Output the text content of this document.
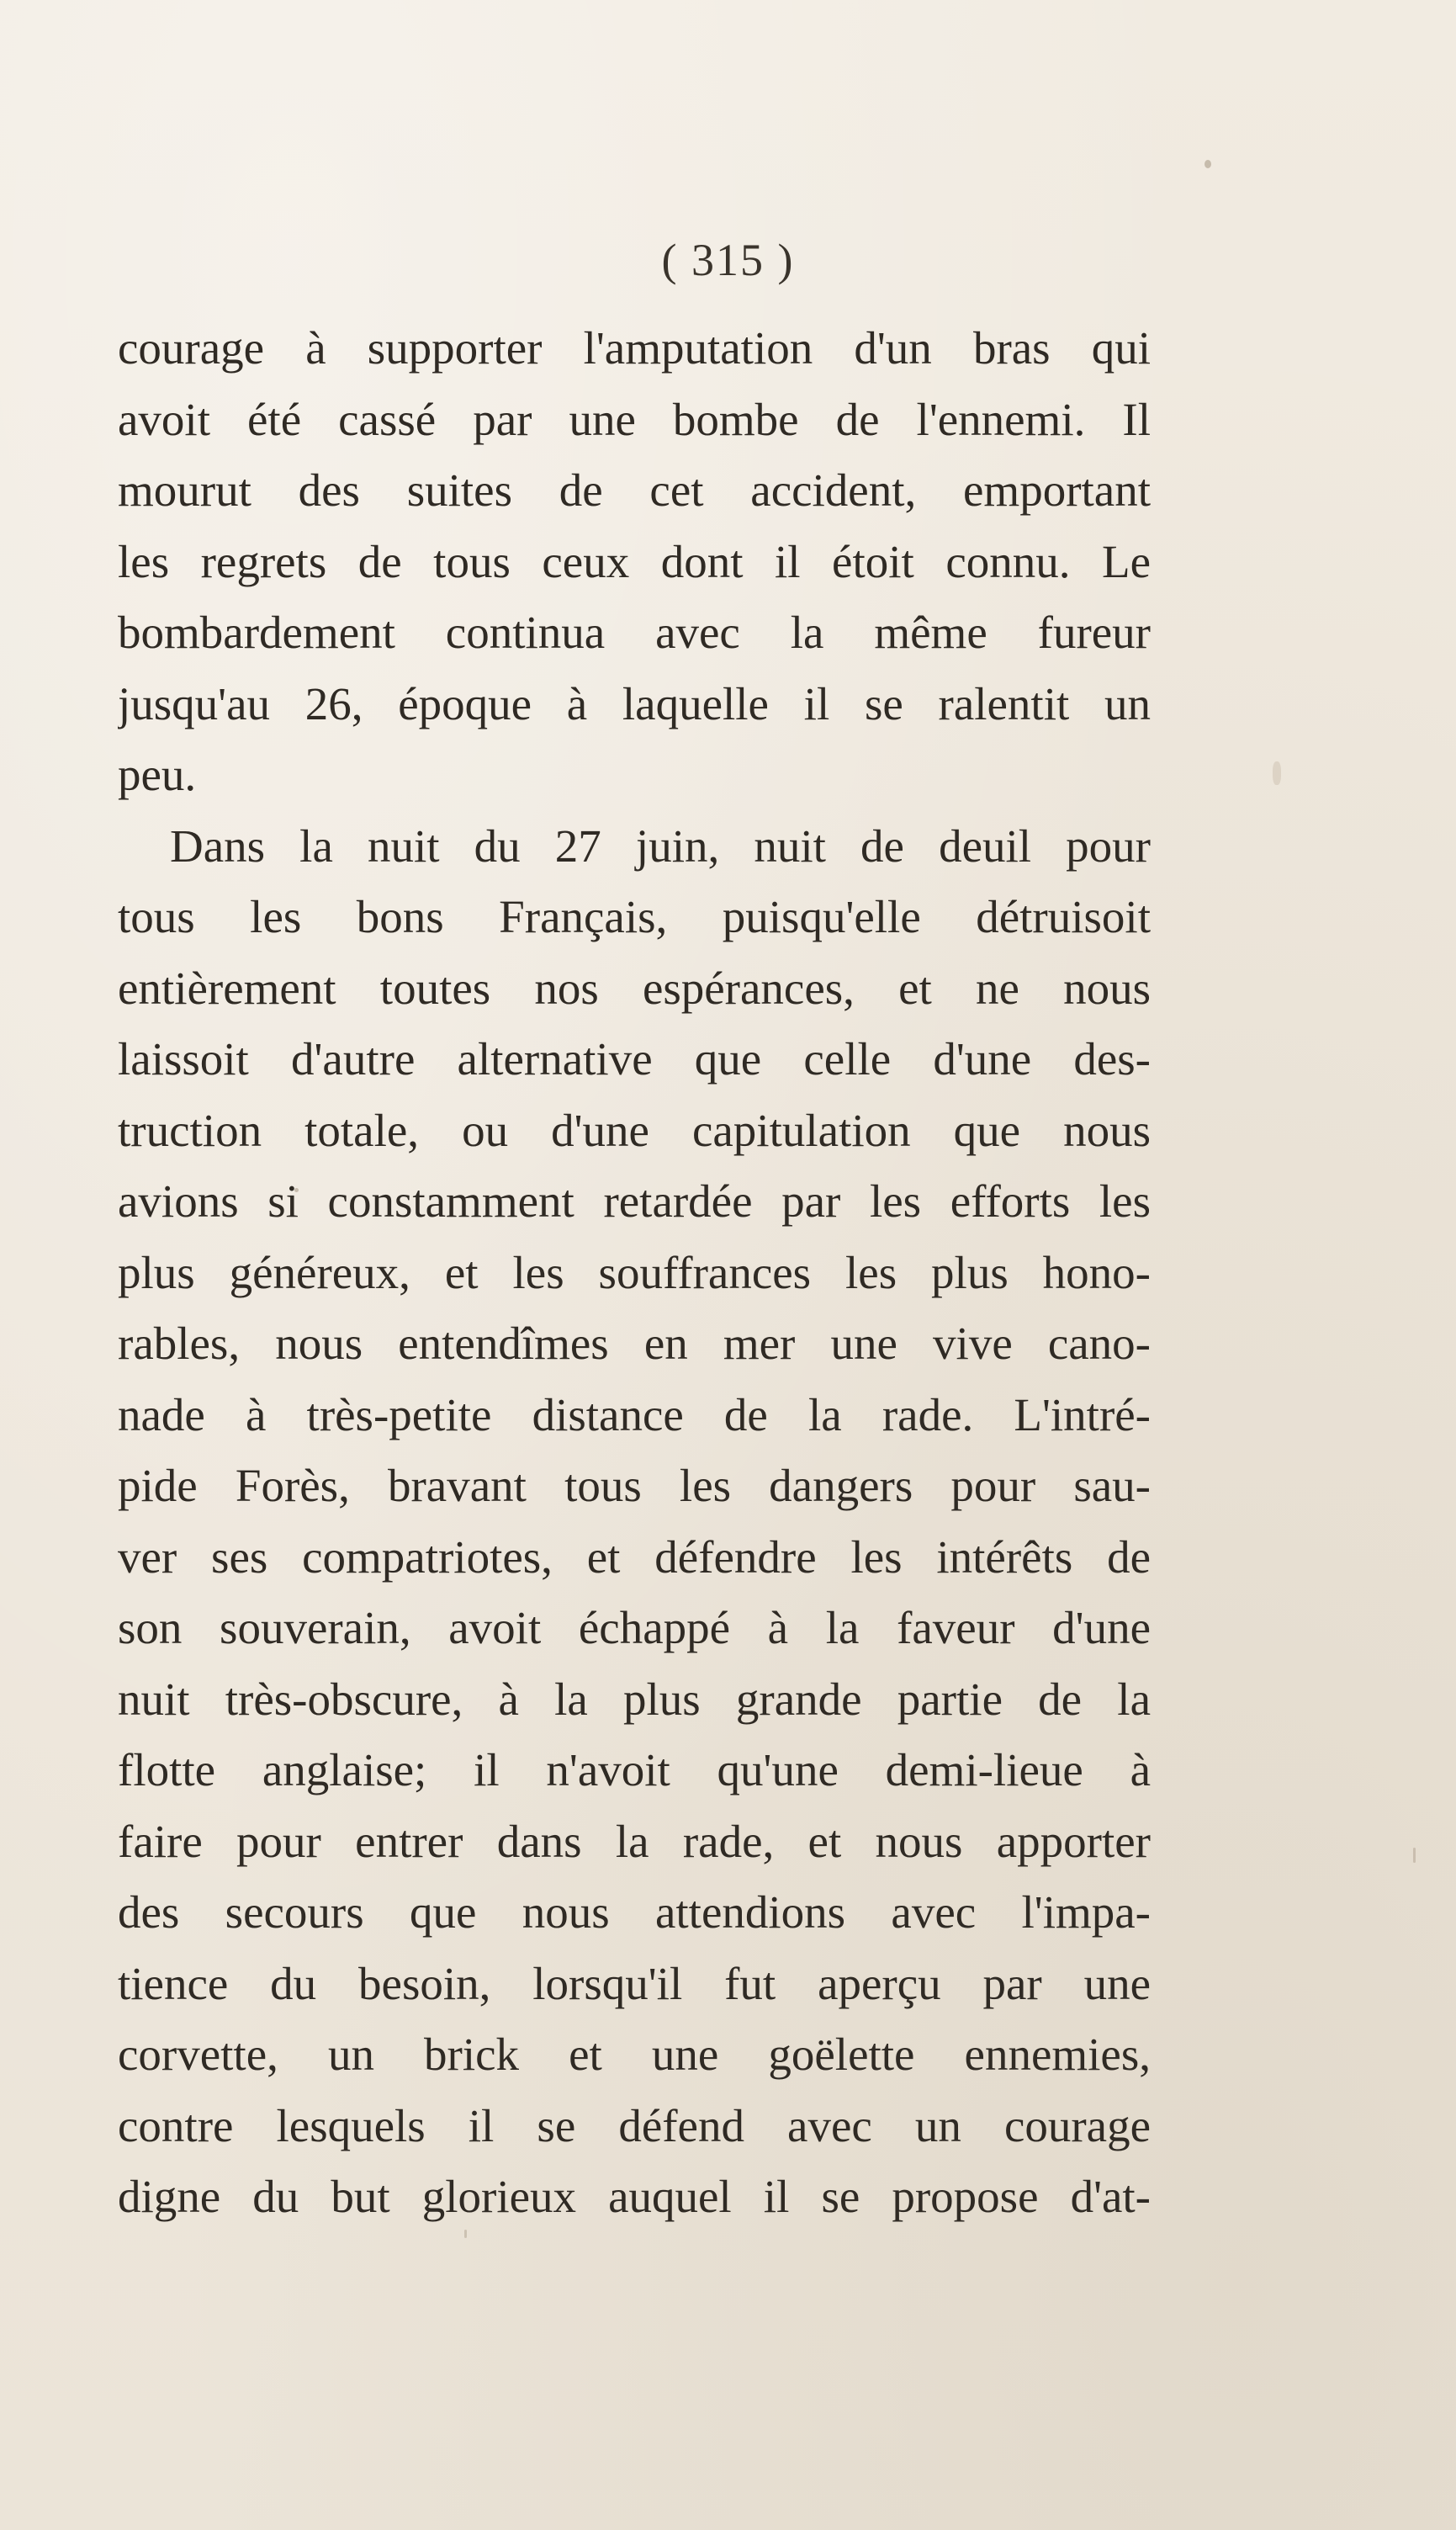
( 315 )
courage à supporter l'amputation d'un bras qui
avoit été cassé par une bombe de l'ennemi. Il
mourut des suites de cet accident, emportant
les regrets de tous ceux dont il étoit connu. Le
bombardement continua avec la même fureur
jusqu'au 26, époque à laquelle il se ralentit un
peu.
Dans la nuit du 27 juin, nuit de deuil pour
tous les bons Français, puisqu'elle détruisoit
entièrement toutes nos espérances, et ne nous
laissoit d'autre alternative que celle d'une des-
truction totale, ou d'une capitulation que nous
avions si constamment retardée par les efforts les
plus généreux, et les souffrances les plus hono-
rables, nous entendîmes en mer une vive cano-
nade à très-petite distance de la rade. L'intré-
pide Forès, bravant tous les dangers pour sau-
ver ses compatriotes, et défendre les intérêts de
son souverain, avoit échappé à la faveur d'une
nuit très-obscure, à la plus grande partie de la
flotte anglaise; il n'avoit qu'une demi-lieue à
faire pour entrer dans la rade, et nous apporter
des secours que nous attendions avec l'impa-
tience du besoin, lorsqu'il fut aperçu par une
corvette, un brick et une goëlette ennemies,
contre lesquels il se défend avec un courage
digne du but glorieux auquel il se propose d'at-
